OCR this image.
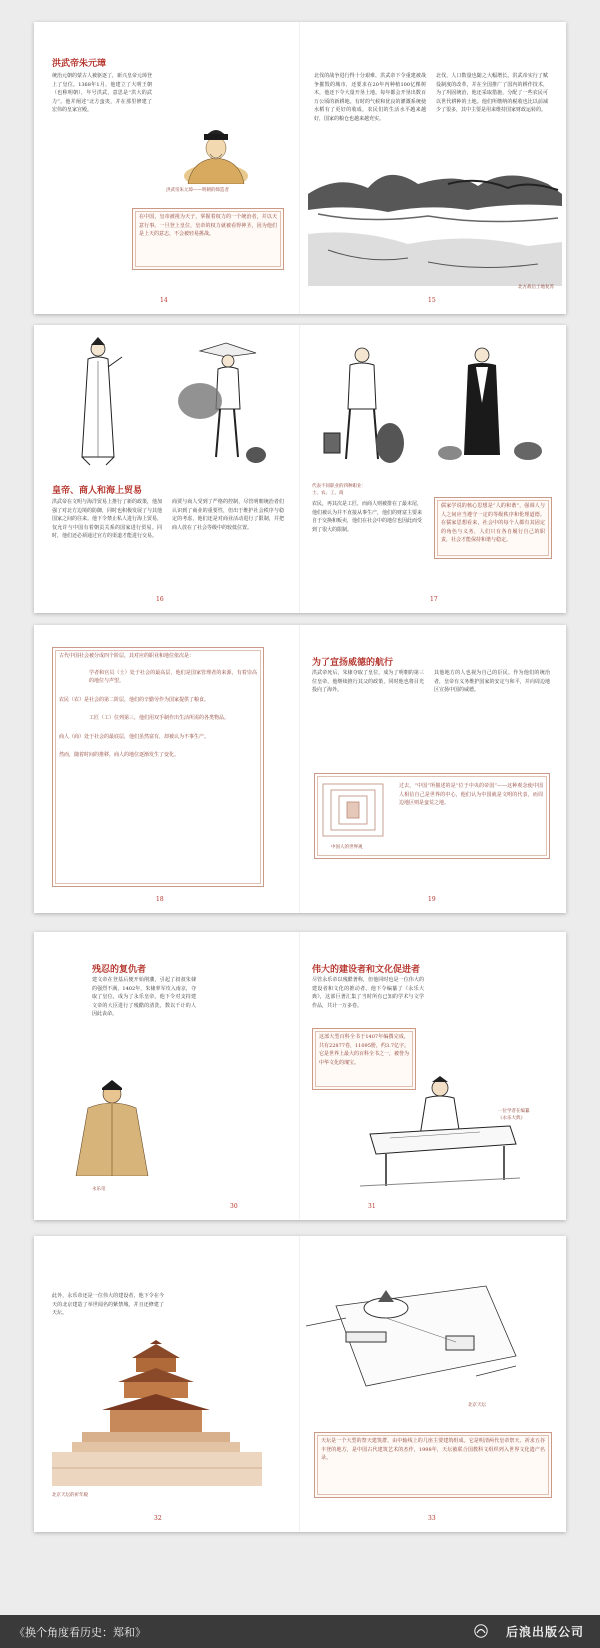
洪武帝朱元璋
统治元朝的蒙古人被驱逐了，新兴皇帝元璋登上了皇位。1368年1月，他建立了大明王朝（也称明朝），年号洪武，意思是“洪大的武力”。他并阐述“北方蛮夷，并在那里修建了宏伟的皇家宫殿。
洪武帝朱元璋——明朝的缔造者
在中国，皇帝被视为天子，掌握着权力的一个统治者，并以天意行事。一旦登上皇位，皇帝的权力就被看得神圣，因为他们是上天的意志，不会被轻易挑战。
14
北伐的战争进行得十分艰难，洪武帝下令重建被战争摧毁的城市，还要求在20年内种植100亿棵树木，他还下令大量开垦土地。每年都会开垦出数百万公顷的新耕地。有时的气候和优良的灌溉系统使水稻有了更好的收成，农民们的生活水平越来越好，国家的粮仓也越来越充实。
北伐，人口数量也随之大幅增长。洪武帝实行了赋役制度的改革，并在全国推广了国内的耕作技术，为了巩固统治，他还采取措施，分配了一些农民可以世代耕种的土地。他们所缴纳的税收也比以前减少了很多，其中主要是用来维持国家财政运转的。
北方战后土地复苏
15
皇帝、商人和海上贸易
洪武帝在文明与海洋贸易上推行了新的政策，他加强了对北方边境的防御，同时也积极发展了与其他国家之间的往来。他下令禁止私人进行海上贸易，仅允许与中国有着朝贡关系的国家进行贸易。同时，他们还必须通过官方的渠道才能进行交易。
商贾与商人受到了严格的控制，尽管明朝统治者们认识到了商业的重要性，但出于维护社会秩序与稳定的考虑，他们还是对商业活动进行了限制，并把商人放在了社会等级中的较低位置。
16
代表不同职业的四种职业：
士、农、工、商
农民，再其次是工匠，而商人则被排在了最末尾，他们被认为并不直接从事生产，他们的财富主要来自于交换和贩卖，他们在社会中的地位也因此而受到了很大的限制。
儒家学说的核心思想是“人的和谐”，强调人与人之间应当遵守一定的等级秩序和伦理道德。在儒家思想看来，社会中的每个人都有其固定的角色与义务，人们只有各自履行自己的职责，社会才能保持和谐与稳定。
17
古代中国社会被分成四个阶层，其对应的职业和地位依次是：
学者和官员（士）处于社会的最高层，他们是国家管理者的来源，有着崇高的地位与声望。
农民（农）是社会的第二阶层，他们的辛勤劳作为国家提供了粮食。
工匠（工）位列第三，他们用双手制作出生活所需的各类物品。
商人（商）处于社会的最底层，他们虽然富有，却被认为不事生产。
然而，随着时间的推移，商人的地位逐渐发生了变化。
18
为了宣扬威德的航行
洪武帝死后，朱棣夺取了皇位，成为了明朝的第三位皇帝，他继续推行其父的政策，同时他也将目光投向了海外。
其他地方的人也视为自己的臣民。作为他们的统治者，皇帝有义务维护国家的安定与和平，并向周边地区宣扬中国的威德。
过去，“中国”所描述的是“位于中央的帝国”——这种观念使中国人相信自己是世界的中心，他们认为中国就是文明的代表，而周边地区则是蛮荒之地。
中国人的世界观
19
残忍的复仇者
建文帝在登基后便开始削藩，引起了叔叔朱棣的强烈不满，1402年，朱棣率军攻入南京，夺取了皇位，成为了永乐皇帝。他下令对支持建文帝的大臣进行了残酷的清洗，数以千计的人因此丧命。
永乐帝
30
伟大的建设者和文化促进者
尽管永乐帝以残酷著称，但他同时也是一位伟大的建设者和文化的推动者。他下令编纂了《永乐大典》，这部巨著汇集了当时所有已知的学术与文学作品，共计一万多卷。
这部大型百科全书于1407年编撰完成，共有22877卷，11095册，约3.7亿字。它是世界上最大的百科全书之一，被誉为中华文化的瑰宝。
一位学者在编纂
《永乐大典》
31
此外，永乐帝还是一位伟大的建设者，他下令在今天的北京建造了举世闻名的紫禁城，并且还修建了天坛。
北京天坛的祈年殿
32
北京天坛
天坛是一个大型的祭天建筑群，由中轴线上的几座主要建筑组成。它是明清两代皇帝祭天、祈求五谷丰登的地方，是中国古代建筑艺术的杰作，1998年，天坛被联合国教科文组织列入世界文化遗产名录。
33
《换个角度看历史：郑和》	后浪出版公司
